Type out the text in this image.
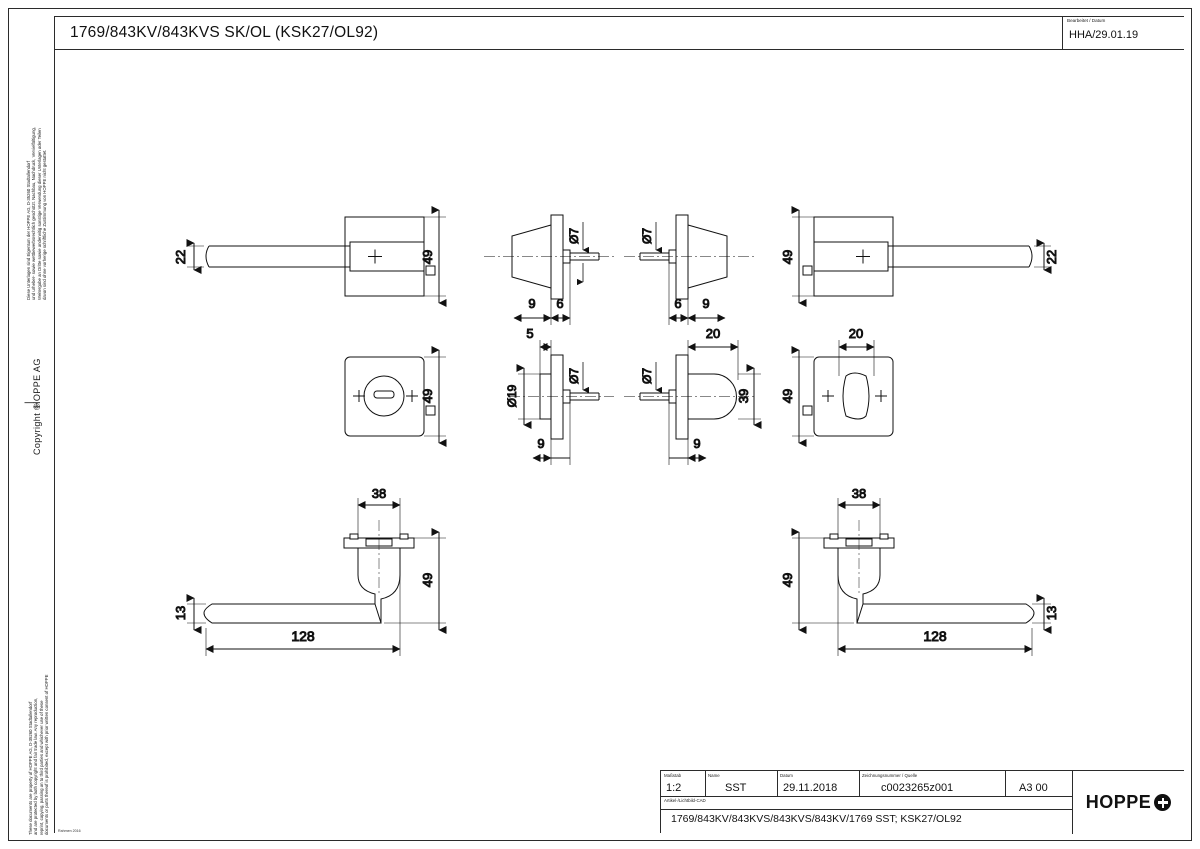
1769/843KV/843KVS SK/OL (KSK27/OL92)
Bearbeitet / Datum
HHA/29.01.19
Diese Unterlagen sind Eigentum der HOPPE AG, D-35260 Stadtallendorf und urheber- sowie wettbewerbsrechtlich geschützt. Nachbau, Nachdruck, Vervielfältigung, Weitergabe an Dritte sowie anderwitig sonstige Verwendung dieser Unterlagen oder Teilen davon sind ohne vorherige schriftliche Zustimmung von HOPPE nicht gestattet.
Copyright ©
HOPPE AG
|
These documents are property of HOPPE AG, D-35260 Stadtallendorf and are protected by both copyright and fair trade law. Any reproduction, reprint, copying, passing on to third parties and whichever use of these documents or parts thereof is prohibited, except with prior written consent of HOPPE Rahmen 2016
22	49
Ø7
9 6
Ø7
6 9
49	22
49
Ø7
5
Ø19
9
Ø7
20
39
9
20
49
38
49
13
128
38
49
13
128
Maßstab
1:2
Name
SST
Datum
29.11.2018
Zeichnungsnummer / Quelle
c0023265z001	A3 00
Artikel-/Lichtbild-CAD
1769/843KV/843KVS/843KVS/843KV/1769 SST; KSK27/OL92
HOPPE
